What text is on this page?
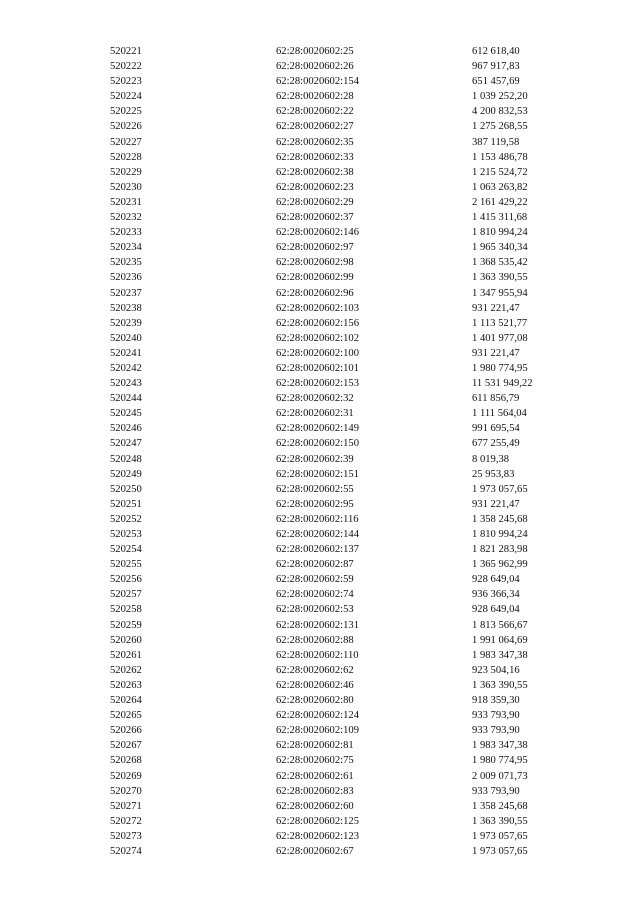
520221	62:28:0020602:25	612 618,40
520222	62:28:0020602:26	967 917,83
520223	62:28:0020602:154	651 457,69
520224	62:28:0020602:28	1 039 252,20
520225	62:28:0020602:22	4 200 832,53
520226	62:28:0020602:27	1 275 268,55
520227	62:28:0020602:35	387 119,58
520228	62:28:0020602:33	1 153 486,78
520229	62:28:0020602:38	1 215 524,72
520230	62:28:0020602:23	1 063 263,82
520231	62:28:0020602:29	2 161 429,22
520232	62:28:0020602:37	1 415 311,68
520233	62:28:0020602:146	1 810 994,24
520234	62:28:0020602:97	1 965 340,34
520235	62:28:0020602:98	1 368 535,42
520236	62:28:0020602:99	1 363 390,55
520237	62:28:0020602:96	1 347 955,94
520238	62:28:0020602:103	931 221,47
520239	62:28:0020602:156	1 113 521,77
520240	62:28:0020602:102	1 401 977,08
520241	62:28:0020602:100	931 221,47
520242	62:28:0020602:101	1 980 774,95
520243	62:28:0020602:153	11 531 949,22
520244	62:28:0020602:32	611 856,79
520245	62:28:0020602:31	1 111 564,04
520246	62:28:0020602:149	991 695,54
520247	62:28:0020602:150	677 255,49
520248	62:28:0020602:39	8 019,38
520249	62:28:0020602:151	25 953,83
520250	62:28:0020602:55	1 973 057,65
520251	62:28:0020602:95	931 221,47
520252	62:28:0020602:116	1 358 245,68
520253	62:28:0020602:144	1 810 994,24
520254	62:28:0020602:137	1 821 283,98
520255	62:28:0020602:87	1 365 962,99
520256	62:28:0020602:59	928 649,04
520257	62:28:0020602:74	936 366,34
520258	62:28:0020602:53	928 649,04
520259	62:28:0020602:131	1 813 566,67
520260	62:28:0020602:88	1 991 064,69
520261	62:28:0020602:110	1 983 347,38
520262	62:28:0020602:62	923 504,16
520263	62:28:0020602:46	1 363 390,55
520264	62:28:0020602:80	918 359,30
520265	62:28:0020602:124	933 793,90
520266	62:28:0020602:109	933 793,90
520267	62:28:0020602:81	1 983 347,38
520268	62:28:0020602:75	1 980 774,95
520269	62:28:0020602:61	2 009 071,73
520270	62:28:0020602:83	933 793,90
520271	62:28:0020602:60	1 358 245,68
520272	62:28:0020602:125	1 363 390,55
520273	62:28:0020602:123	1 973 057,65
520274	62:28:0020602:67	1 973 057,65
